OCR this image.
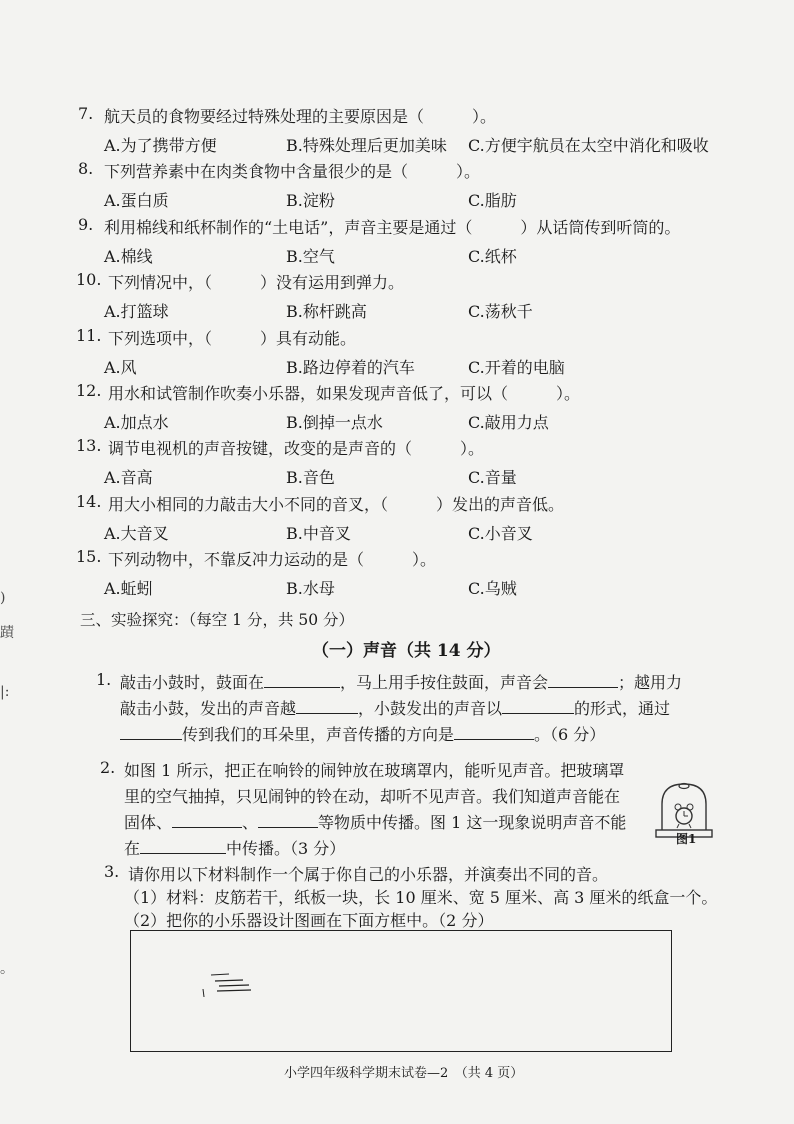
7. 航天员的食物要经过特殊处理的主要原因是（　　　）。
A.为了携带方便	B.特殊处理后更加美味 C.方便宇航员在太空中消化和吸收
8. 下列营养素中在肉类食物中含量很少的是（　　　）。
A.蛋白质	B.淀粉	C.脂肪
9. 利用棉线和纸杯制作的“土电话”，声音主要是通过（　　　）从话筒传到听筒的。
A.棉线	B.空气	C.纸杯
10. 下列情况中，（　　　）没有运用到弹力。
A.打篮球	B.称杆跳高	C.荡秋千
11. 下列选项中，（　　　）具有动能。
A.风	B.路边停着的汽车	C.开着的电脑
12. 用水和试管制作吹奏小乐器，如果发现声音低了，可以（　　　）。
A.加点水	B.倒掉一点水	C.敲用力点
13. 调节电视机的声音按键，改变的是声音的（　　　）。
A.音高	B.音色	C.音量
14. 用大小相同的力敲击大小不同的音叉，（　　　）发出的声音低。
A.大音叉	B.中音叉	C.小音叉
15. 下列动物中，不靠反冲力运动的是（　　　）。
A.蚯蚓	B.水母	C.乌贼
三、实验探究：（每空 1 分，共 50 分）
（一）声音（共 14 分）
1. 敲击小鼓时，鼓面在	，马上用手按住鼓面，声音会	；越用力
敲击小鼓，发出的声音越	，小鼓发出的声音以	的形式，通过
传到我们的耳朵里，声音传播的方向是	。（6 分）
2. 如图 1 所示，把正在响铃的闹钟放在玻璃罩内，能听见声音。把玻璃罩
里的空气抽掉，只见闹钟的铃在动，却听不见声音。我们知道声音能在
固体、	、	等物质中传播。图 1 这一现象说明声音不能
在	中传播。（3 分）	图1
3. 请你用以下材料制作一个属于你自己的小乐器，并演奏出不同的音。
（1）材料：皮筋若干，纸板一块，长 10 厘米、宽 5 厘米、高 3 厘米的纸盒一个。
（2）把你的小乐器设计图画在下面方框中。（2 分）
小学四年级科学期末试卷—2　（共 4 页）
)
蹟
|:
。
